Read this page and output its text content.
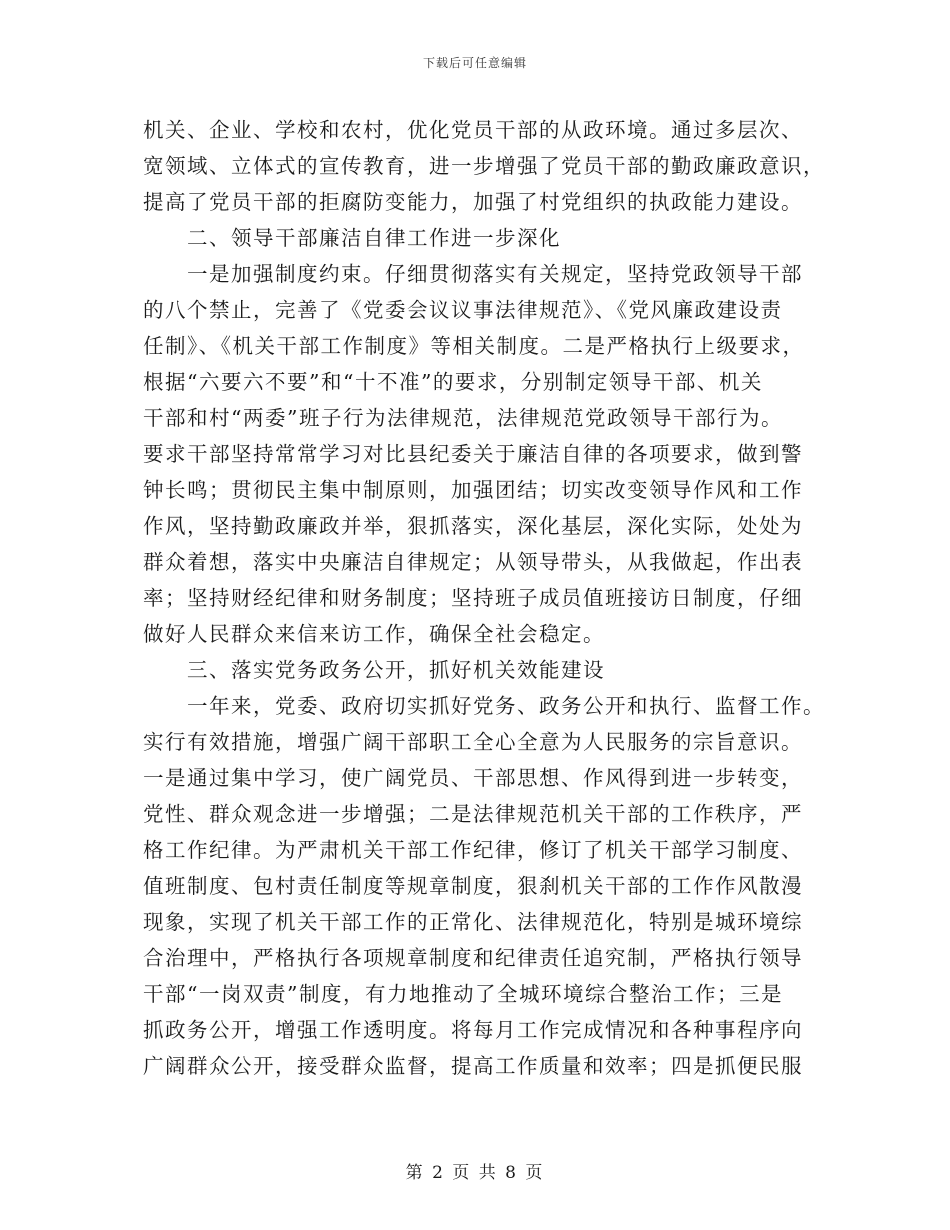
下载后可任意编辑
机关、企业、学校和农村，优化党员干部的从政环境。通过多层次、
宽领域、立体式的宣传教育，进一步增强了党员干部的勤政廉政意识，
提高了党员干部的拒腐防变能力，加强了村党组织的执政能力建设。
　　二、领导干部廉洁自律工作进一步深化
　　一是加强制度约束。仔细贯彻落实有关规定，坚持党政领导干部
的八个禁止，完善了《党委会议议事法律规范》、《党风廉政建设责
任制》、《机关干部工作制度》等相关制度。二是严格执行上级要求，
根据“六要六不要”和“十不准”的要求，分别制定领导干部、机关
干部和村“两委”班子行为法律规范，法律规范党政领导干部行为。
要求干部坚持常常学习对比县纪委关于廉洁自律的各项要求，做到警
钟长鸣；贯彻民主集中制原则，加强团结；切实改变领导作风和工作
作风，坚持勤政廉政并举，狠抓落实，深化基层，深化实际，处处为
群众着想，落实中央廉洁自律规定；从领导带头，从我做起，作出表
率；坚持财经纪律和财务制度；坚持班子成员值班接访日制度，仔细
做好人民群众来信来访工作，确保全社会稳定。
　　三、落实党务政务公开，抓好机关效能建设
　　一年来，党委、政府切实抓好党务、政务公开和执行、监督工作。
实行有效措施，增强广阔干部职工全心全意为人民服务的宗旨意识。
一是通过集中学习，使广阔党员、干部思想、作风得到进一步转变，
党性、群众观念进一步增强；二是法律规范机关干部的工作秩序，严
格工作纪律。为严肃机关干部工作纪律，修订了机关干部学习制度、
值班制度、包村责任制度等规章制度，狠刹机关干部的工作作风散漫
现象，实现了机关干部工作的正常化、法律规范化，特别是城环境综
合治理中，严格执行各项规章制度和纪律责任追究制，严格执行领导
干部“一岗双责”制度，有力地推动了全城环境综合整治工作；三是
抓政务公开，增强工作透明度。将每月工作完成情况和各种事程序向
广阔群众公开，接受群众监督，提高工作质量和效率；四是抓便民服
第 2 页 共 8 页
